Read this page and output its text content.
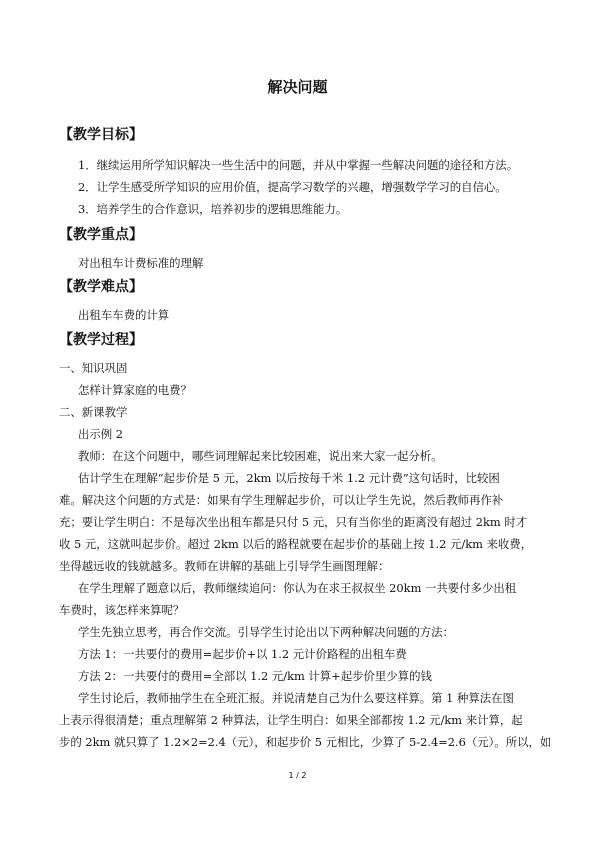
解决问题
【教学目标】
1．继续运用所学知识解决一些生活中的问题，并从中掌握一些解决问题的途径和方法。
2．让学生感受所学知识的应用价值，提高学习数学的兴趣，增强数学学习的自信心。
3．培养学生的合作意识，培养初步的逻辑思维能力。
【教学重点】
对出租车计费标准的理解
【教学难点】
出租车车费的计算
【教学过程】
一、知识巩固
怎样计算家庭的电费？
二、新课教学
出示例 2
教师：在这个问题中，哪些词理解起来比较困难，说出来大家一起分析。
估计学生在理解“起步价是 5 元，2km 以后按每千米 1.2 元计费”这句话时，比较困
难。解决这个问题的方式是：如果有学生理解起步价，可以让学生先说，然后教师再作补
充；要让学生明白：不是每次坐出租车都是只付 5 元，只有当你坐的距离没有超过 2km 时才
收 5 元，这就叫起步价。超过 2km 以后的路程就要在起步价的基础上按 1.2 元/km 来收费，
坐得越远收的钱就越多。教师在讲解的基础上引导学生画图理解：
在学生理解了题意以后，教师继续追问：你认为在求王叔叔坐 20km 一共要付多少出租
车费时，该怎样来算呢？
学生先独立思考，再合作交流。引导学生讨论出以下两种解决问题的方法：
方法 1：一共要付的费用=起步价+以 1.2 元计价路程的出租车费
方法 2：一共要付的费用=全部以 1.2 元/km 计算+起步价里少算的钱
学生讨论后，教师抽学生在全班汇报。并说清楚自己为什么要这样算。第 1 种算法在图
上表示得很清楚；重点理解第 2 种算法，让学生明白：如果全部都按 1.2 元/km 来计算，起
步的 2km 就只算了 1.2×2=2.4（元），和起步价 5 元相比，少算了 5-2.4=2.6（元）。所以，如
1 / 2
